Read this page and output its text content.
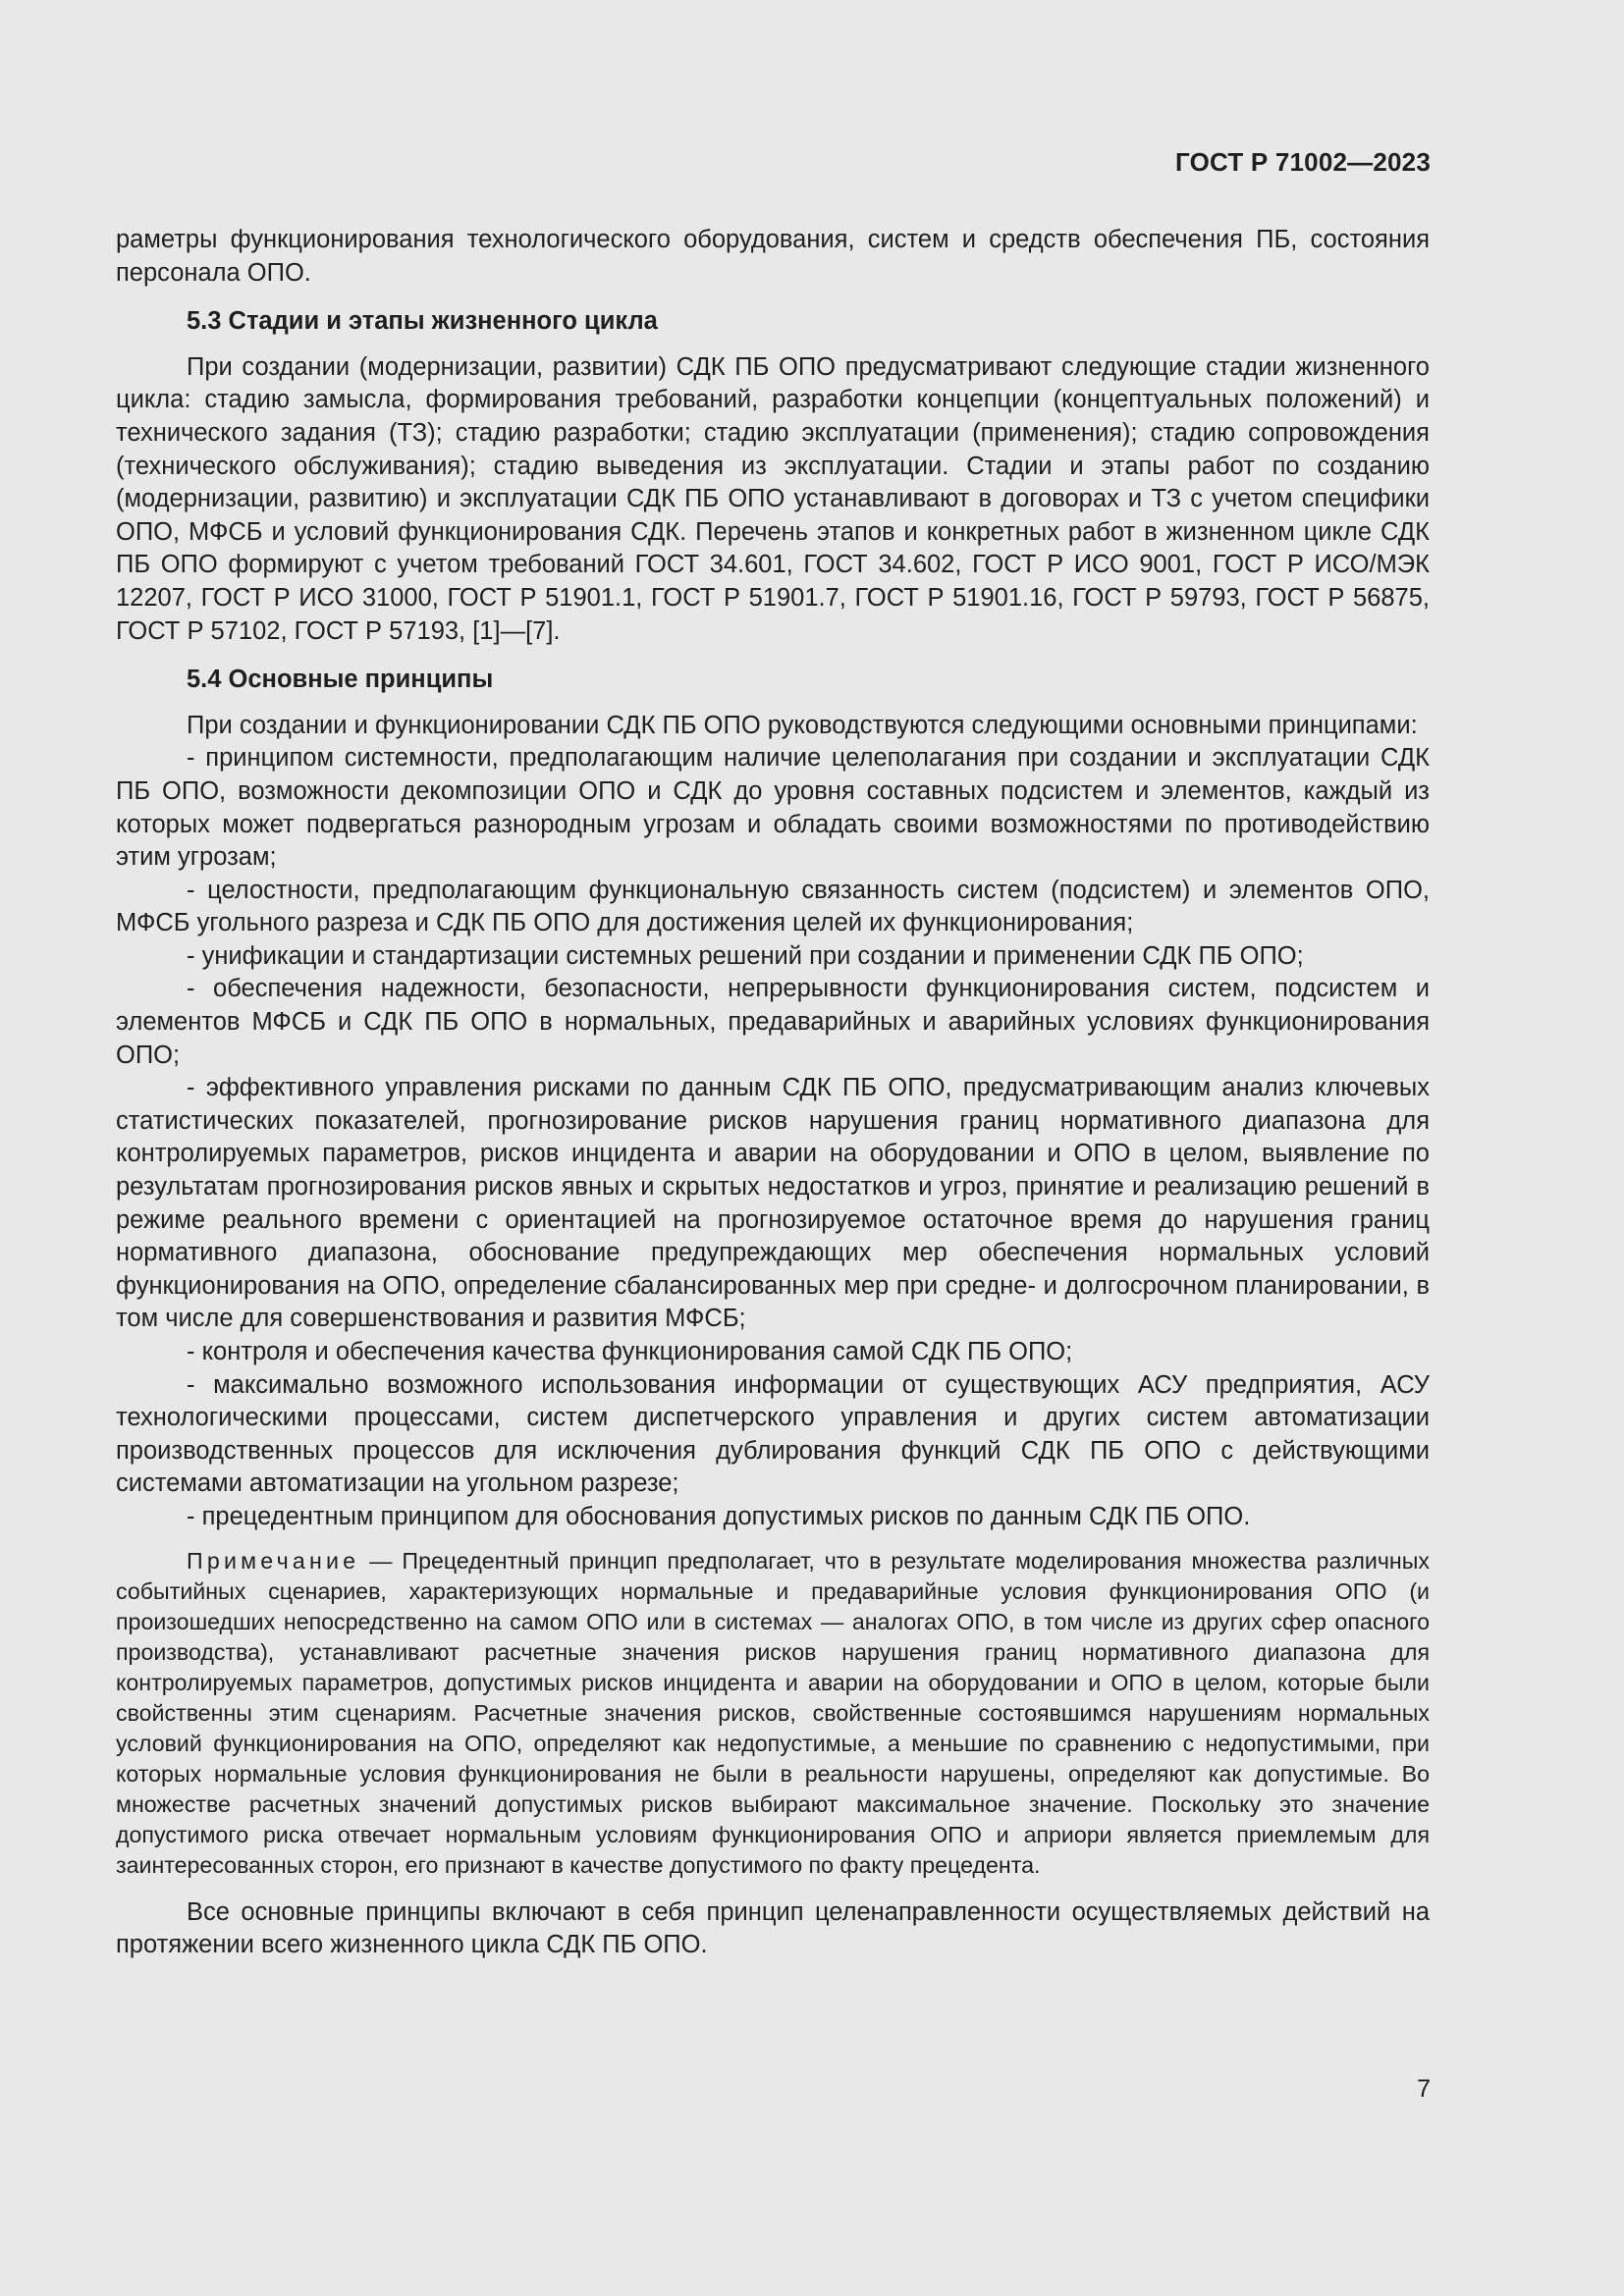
ГОСТ Р 71002—2023

раметры функционирования технологического оборудования, систем и средств обеспечения ПБ, состояния персонала ОПО.

5.3 Стадии и этапы жизненного цикла

При создании (модернизации, развитии) СДК ПБ ОПО предусматривают следующие стадии жизненного цикла: стадию замысла, формирования требований, разработки концепции (концептуальных положений) и технического задания (ТЗ); стадию разработки; стадию эксплуатации (применения); стадию сопровождения (технического обслуживания); стадию выведения из эксплуатации. Стадии и этапы работ по созданию (модернизации, развитию) и эксплуатации СДК ПБ ОПО устанавливают в договорах и ТЗ с учетом специфики ОПО, МФСБ и условий функционирования СДК. Перечень этапов и конкретных работ в жизненном цикле СДК ПБ ОПО формируют с учетом требований ГОСТ 34.601, ГОСТ 34.602, ГОСТ Р ИСО 9001, ГОСТ Р ИСО/МЭК 12207, ГОСТ Р ИСО 31000, ГОСТ Р 51901.1, ГОСТ Р 51901.7, ГОСТ Р 51901.16, ГОСТ Р 59793, ГОСТ Р 56875, ГОСТ Р 57102, ГОСТ Р 57193, [1]—[7].

5.4 Основные принципы

При создании и функционировании СДК ПБ ОПО руководствуются следующими основными принципами:

- принципом системности, предполагающим наличие целеполагания при создании и эксплуатации СДК ПБ ОПО, возможности декомпозиции ОПО и СДК до уровня составных подсистем и элементов, каждый из которых может подвергаться разнородным угрозам и обладать своими возможностями по противодействию этим угрозам;

- целостности, предполагающим функциональную связанность систем (подсистем) и элементов ОПО, МФСБ угольного разреза и СДК ПБ ОПО для достижения целей их функционирования;

- унификации и стандартизации системных решений при создании и применении СДК ПБ ОПО;

- обеспечения надежности, безопасности, непрерывности функционирования систем, подсистем и элементов МФСБ и СДК ПБ ОПО в нормальных, предаварийных и аварийных условиях функционирования ОПО;

- эффективного управления рисками по данным СДК ПБ ОПО, предусматривающим анализ ключевых статистических показателей, прогнозирование рисков нарушения границ нормативного диапазона для контролируемых параметров, рисков инцидента и аварии на оборудовании и ОПО в целом, выявление по результатам прогнозирования рисков явных и скрытых недостатков и угроз, принятие и реализацию решений в режиме реального времени с ориентацией на прогнозируемое остаточное время до нарушения границ нормативного диапазона, обоснование предупреждающих мер обеспечения нормальных условий функционирования на ОПО, определение сбалансированных мер при средне- и долгосрочном планировании, в том числе для совершенствования и развития МФСБ;

- контроля и обеспечения качества функционирования самой СДК ПБ ОПО;

- максимально возможного использования информации от существующих АСУ предприятия, АСУ технологическими процессами, систем диспетчерского управления и других систем автоматизации производственных процессов для исключения дублирования функций СДК ПБ ОПО с действующими системами автоматизации на угольном разрезе;

- прецедентным принципом для обоснования допустимых рисков по данным СДК ПБ ОПО.

Примечание — Прецедентный принцип предполагает, что в результате моделирования множества различных событийных сценариев, характеризующих нормальные и предаварийные условия функционирования ОПО (и произошедших непосредственно на самом ОПО или в системах — аналогах ОПО, в том числе из других сфер опасного производства), устанавливают расчетные значения рисков нарушения границ нормативного диапазона для контролируемых параметров, допустимых рисков инцидента и аварии на оборудовании и ОПО в целом, которые были свойственны этим сценариям. Расчетные значения рисков, свойственные состоявшимся нарушениям нормальных условий функционирования на ОПО, определяют как недопустимые, а меньшие по сравнению с недопустимыми, при которых нормальные условия функционирования не были в реальности нарушены, определяют как допустимые. Во множестве расчетных значений допустимых рисков выбирают максимальное значение. Поскольку это значение допустимого риска отвечает нормальным условиям функционирования ОПО и априори является приемлемым для заинтересованных сторон, его признают в качестве допустимого по факту прецедента.

Все основные принципы включают в себя принцип целенаправленности осуществляемых действий на протяжении всего жизненного цикла СДК ПБ ОПО.

7
